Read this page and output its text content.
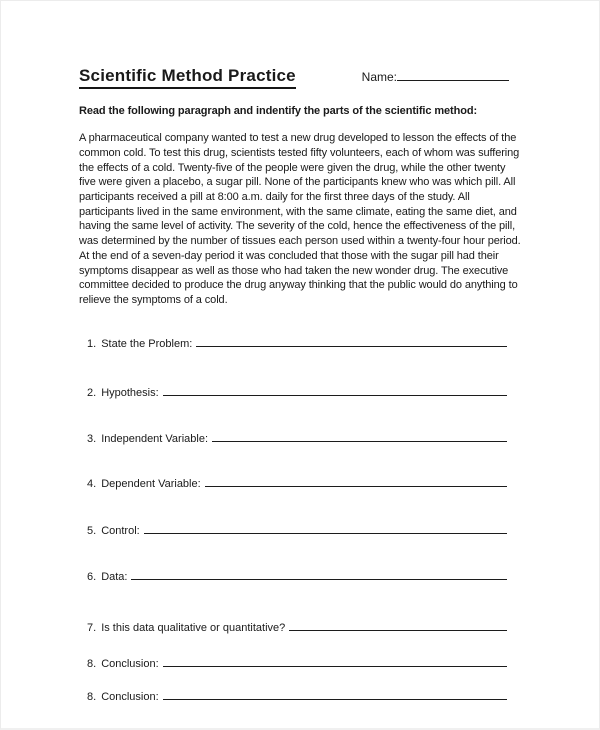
Scientific Method Practice	Name:
Read the following paragraph and indentify the parts of the scientific method:
A pharmaceutical company wanted to test a new drug developed to lesson the effects of the common cold. To test this drug, scientists tested fifty volunteers, each of whom was suffering the effects of a cold. Twenty-five of the people were given the drug, while the other twenty five were given a placebo, a sugar pill. None of the participants knew who was which pill. All participants received a pill at 8:00 a.m. daily for the first three days of the study. All participants lived in the same environment, with the same climate, eating the same diet, and having the same level of activity. The severity of the cold, hence the effectiveness of the pill, was determined by the number of tissues each person used within a twenty-four hour period. At the end of a seven-day period it was concluded that those with the sugar pill had their symptoms disappear as well as those who had taken the new wonder drug. The executive committee decided to produce the drug anyway thinking that the public would do anything to relieve the symptoms of a cold.
1. State the Problem:
2. Hypothesis:
3. Independent Variable:
4. Dependent Variable:
5. Control:
6. Data:
7. Is this data qualitative or quantitative?
8. Conclusion:
8. Conclusion:
